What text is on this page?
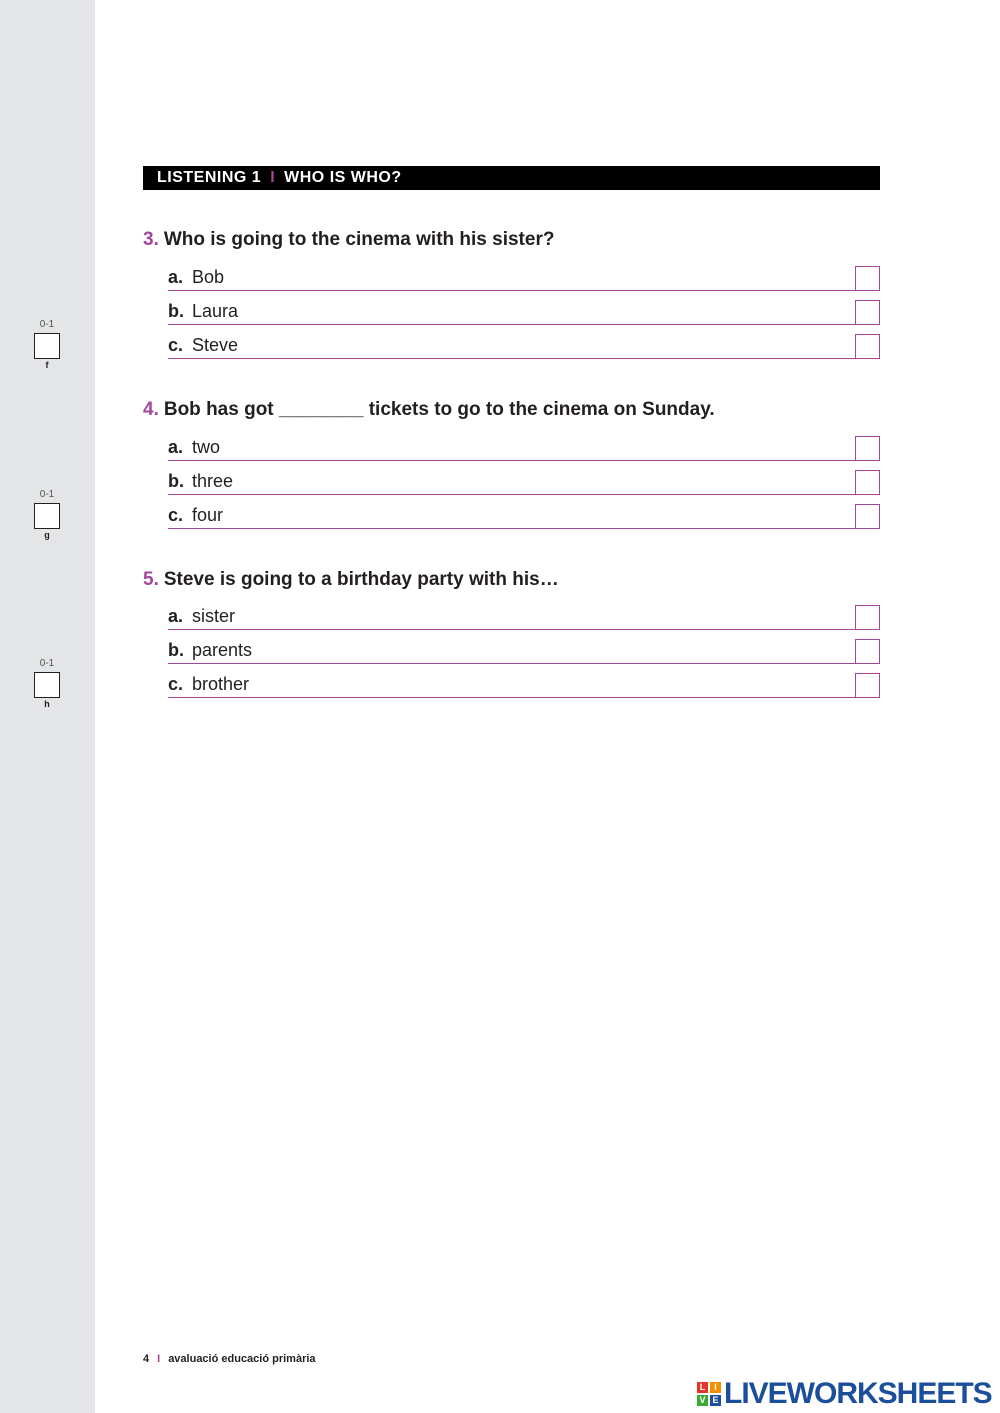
0-1
f
0-1
g
0-1
h
LISTENING 1 I WHO IS WHO?
3. Who is going to the cinema with his sister?
a. Bob
b. Laura
c. Steve
4. Bob has got ________ tickets to go to the cinema on Sunday.
a. two
b. three
c. four
5. Steve is going to a birthday party with his…
a. sister
b. parents
c. brother
4 I avaluació educació primària
L I
V E LIVEWORKSHEETS
